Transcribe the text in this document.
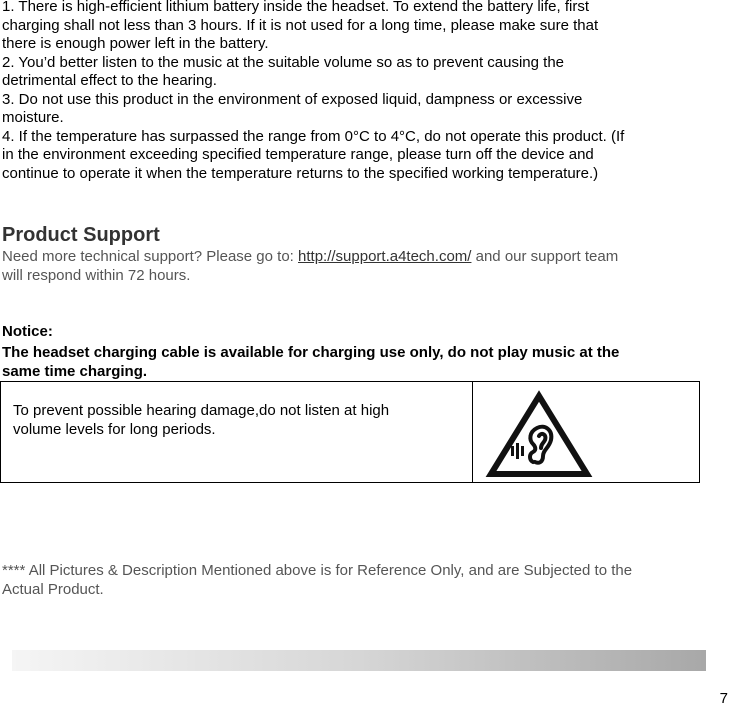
1. There is high-efficient lithium battery inside the headset. To extend the battery life, first
charging shall not less than 3 hours. If it is not used for a long time, please make sure that
there is enough power left in the battery.
2. You’d better listen to the music at the suitable volume so as to prevent causing the
detrimental effect to the hearing.
3. Do not use this product in the environment of exposed liquid, dampness or excessive
moisture.
4. If the temperature has surpassed the range from 0°C to 4°C, do not operate this product. (If
in the environment exceeding specified temperature range, please turn off the device and
continue to operate it when the temperature returns to the specified working temperature.)
Product Support
Need more technical support? Please go to: http://support.a4tech.com/ and our support team
will respond within 72 hours.
Notice:
The headset charging cable is available for charging use only, do not play music at the
same time charging.
To prevent possible hearing damage,do not listen at high
volume levels for long periods.
**** All Pictures & Description Mentioned above is for Reference Only, and are Subjected to the
Actual Product.
7
